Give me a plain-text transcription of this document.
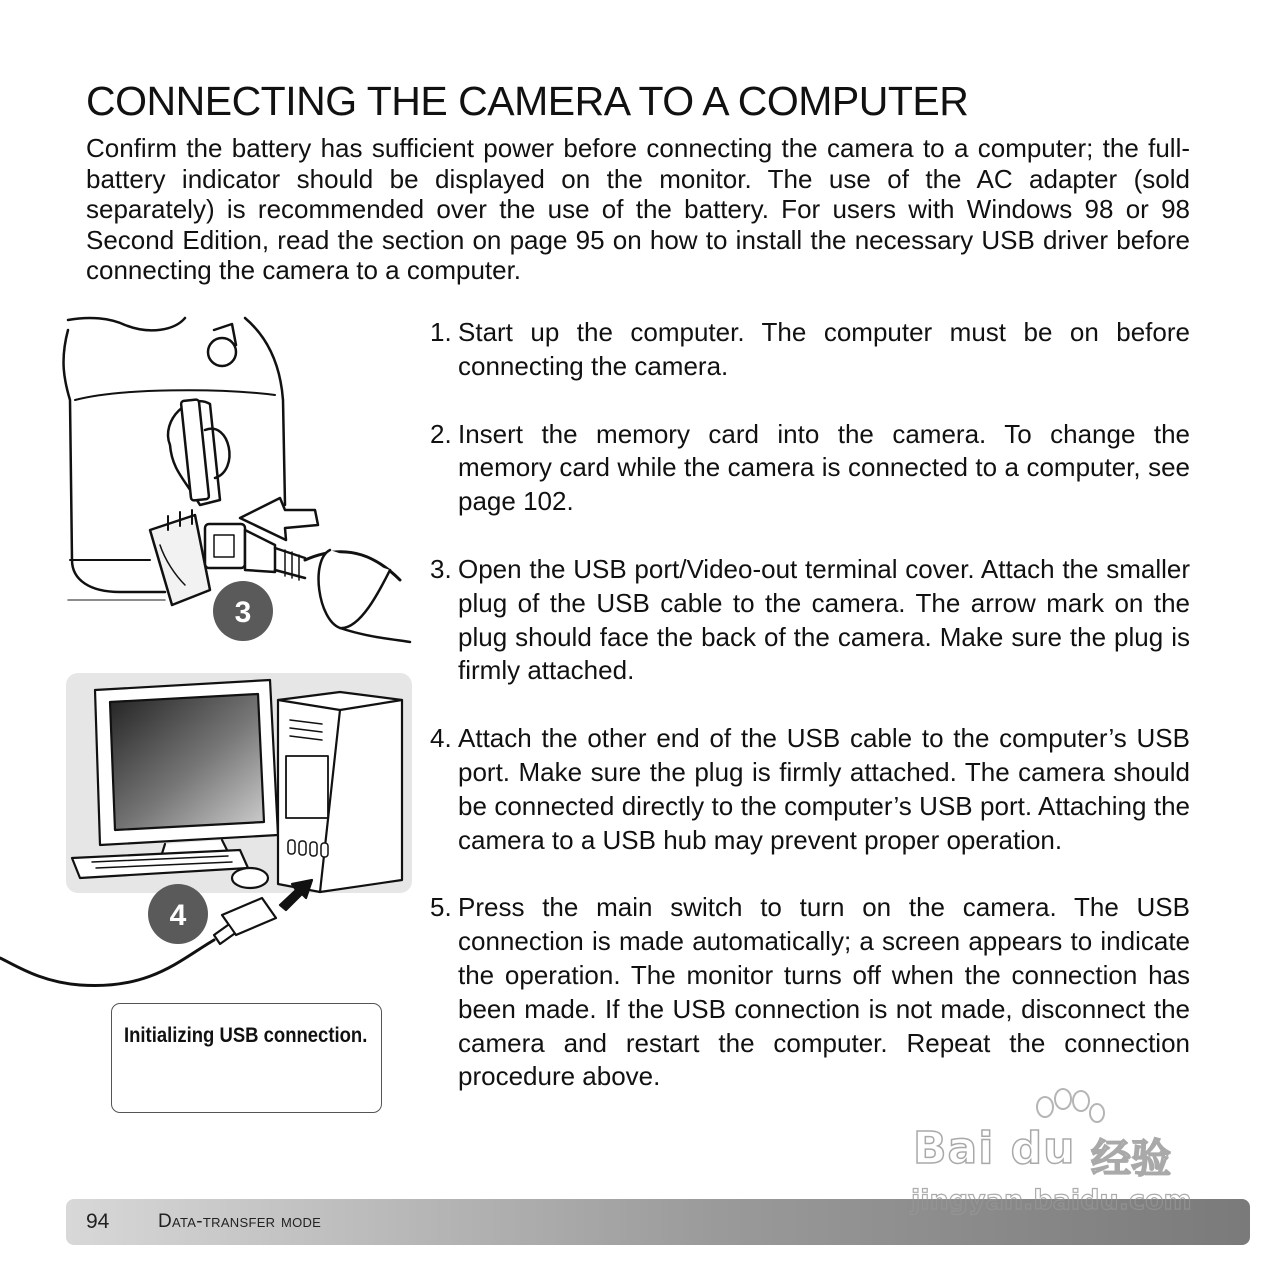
CONNECTING THE CAMERA TO A COMPUTER

Confirm the battery has sufficient power before connecting the camera to a computer; the full-battery indicator should be displayed on the monitor. The use of the AC adapter (sold separately) is recommended over the use of the battery. For users with Windows 98 or 98 Second Edition, read the section on page 95 on how to install the necessary USB driver before connecting the camera to a computer.

3
4
Initializing USB connection.
1. Start up the computer. The computer must be on before connecting the camera.
2. Insert the memory card into the camera. To change the memory card while the camera is connected to a computer, see page 102.
3. Open the USB port/Video-out terminal cover. Attach the smaller plug of the USB cable to the camera. The arrow mark on the plug should face the back of the camera. Make sure the plug is firmly attached.
4. Attach the other end of the USB cable to the computer’s USB port. Make sure the plug is firmly attached. The camera should be connected directly to the computer’s USB port. Attaching the camera to a USB hub may prevent proper operation.
5. Press the main switch to turn on the camera. The USB connection is made automatically; a screen appears to indicate the operation. The monitor turns off when the connection has been made. If the USB connection is not made, disconnect the camera and restart the computer. Repeat the connection procedure above.
94	Data-transfer mode
Bai du 经验
